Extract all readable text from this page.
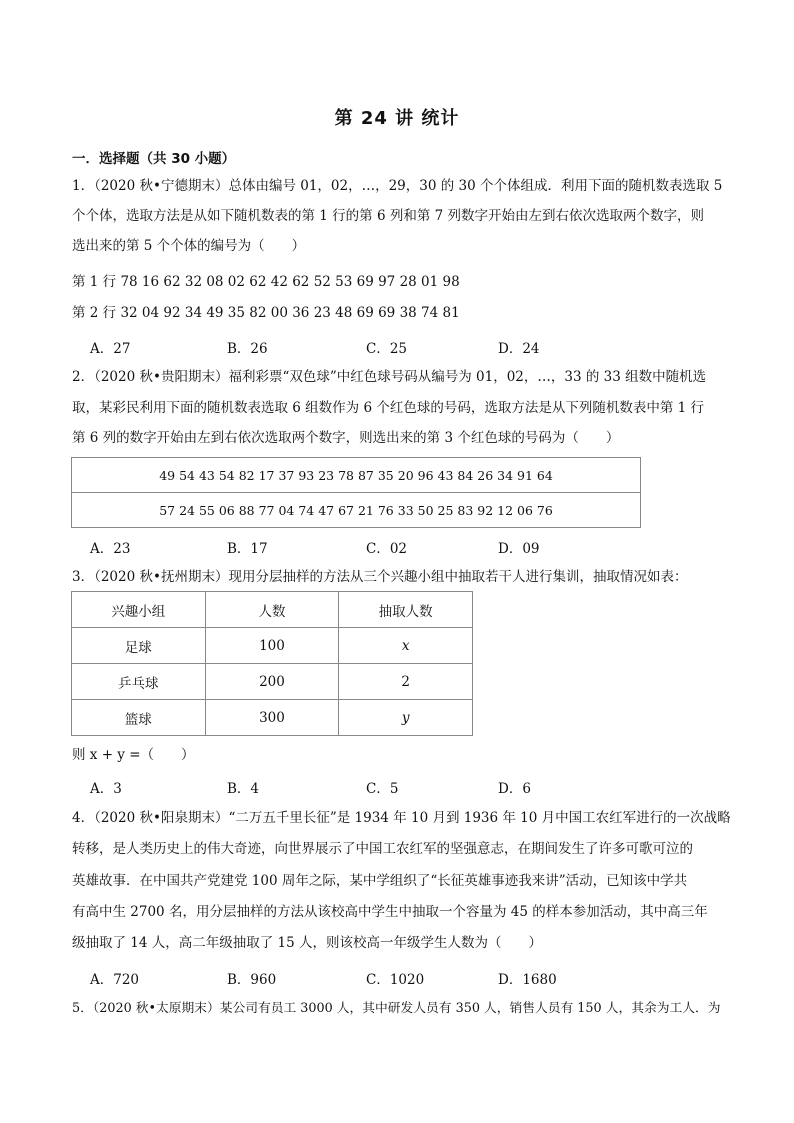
第 24 讲 统计
一．选择题（共 30 小题）
1．（2020 秋•宁德期末）总体由编号 01，02，…，29，30 的 30 个个体组成．利用下面的随机数表选取 5
个个体，选取方法是从如下随机数表的第 1 行的第 6 列和第 7 列数字开始由左到右依次选取两个数字，则
选出来的第 5 个个体的编号为（　　）
第 1 行 78 16 62 32 08 02 62 42 62 52 53 69 97 28 01 98
第 2 行 32 04 92 34 49 35 82 00 36 23 48 69 69 38 74 81
A．27	B．26	C．25	D．24
2．（2020 秋•贵阳期末）福利彩票“双色球”中红色球号码从编号为 01，02，…，33 的 33 组数中随机选
取，某彩民利用下面的随机数表选取 6 组数作为 6 个红色球的号码，选取方法是从下列随机数表中第 1 行
第 6 列的数字开始由左到右依次选取两个数字，则选出来的第 3 个红色球的号码为（　　）
49 54 43 54 82 17 37 93 23 78 87 35 20 96 43 84 26 34 91 64
57 24 55 06 88 77 04 74 47 67 21 76 33 50 25 83 92 12 06 76
A．23	B．17	C．02	D．09
3．（2020 秋•抚州期末）现用分层抽样的方法从三个兴趣小组中抽取若干人进行集训，抽取情况如表：
兴趣小组	人数	抽取人数
足球	100	x
乒乓球	200	2
篮球	300	y
则 x + y =（　　）
A．3	B．4	C．5	D．6
4．（2020 秋•阳泉期末）“二万五千里长征”是 1934 年 10 月到 1936 年 10 月中国工农红军进行的一次战略
转移，是人类历史上的伟大奇迹，向世界展示了中国工农红军的坚强意志，在期间发生了许多可歌可泣的
英雄故事．在中国共产党建党 100 周年之际，某中学组织了“长征英雄事迹我来讲”活动，已知该中学共
有高中生 2700 名，用分层抽样的方法从该校高中学生中抽取一个容量为 45 的样本参加活动，其中高三年
级抽取了 14 人，高二年级抽取了 15 人，则该校高一年级学生人数为（　　）
A．720	B．960	C．1020	D．1680
5．（2020 秋•太原期末）某公司有员工 3000 人，其中研发人员有 350 人，销售人员有 150 人，其余为工人．为
